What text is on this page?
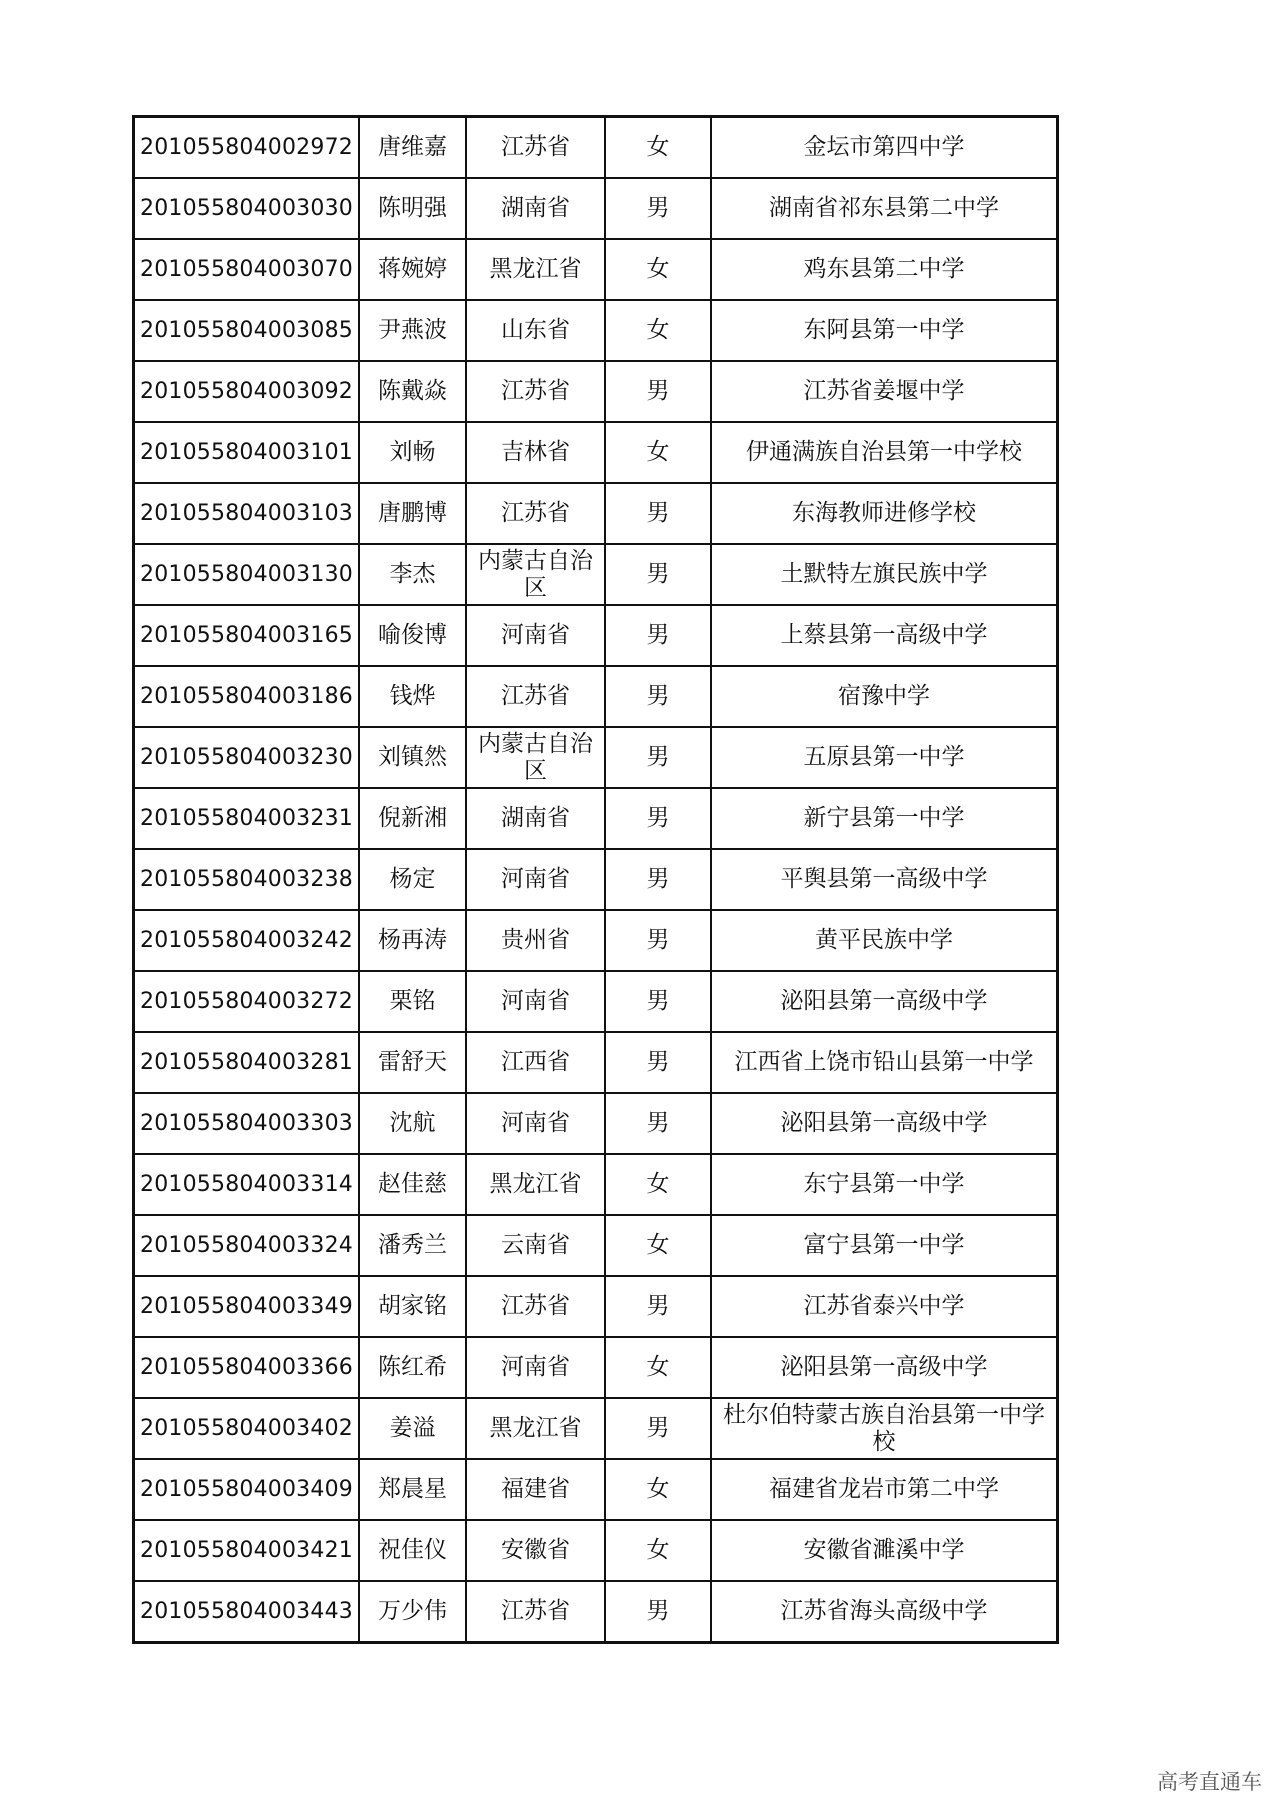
201055804002972	唐维嘉	江苏省	女	金坛市第四中学
201055804003030	陈明强	湖南省	男	湖南省祁东县第二中学
201055804003070	蒋婉婷	黑龙江省	女	鸡东县第二中学
201055804003085	尹燕波	山东省	女	东阿县第一中学
201055804003092	陈戴焱	江苏省	男	江苏省姜堰中学
201055804003101	刘畅	吉林省	女	伊通满族自治县第一中学校
201055804003103	唐鹏博	江苏省	男	东海教师进修学校
201055804003130	李杰	内蒙古自治区	男	土默特左旗民族中学
201055804003165	喻俊博	河南省	男	上蔡县第一高级中学
201055804003186	钱烨	江苏省	男	宿豫中学
201055804003230	刘镇然	内蒙古自治区	男	五原县第一中学
201055804003231	倪新湘	湖南省	男	新宁县第一中学
201055804003238	杨定	河南省	男	平舆县第一高级中学
201055804003242	杨再涛	贵州省	男	黄平民族中学
201055804003272	栗铭	河南省	男	泌阳县第一高级中学
201055804003281	雷舒天	江西省	男	江西省上饶市铅山县第一中学
201055804003303	沈航	河南省	男	泌阳县第一高级中学
201055804003314	赵佳慈	黑龙江省	女	东宁县第一中学
201055804003324	潘秀兰	云南省	女	富宁县第一中学
201055804003349	胡家铭	江苏省	男	江苏省泰兴中学
201055804003366	陈红希	河南省	女	泌阳县第一高级中学
201055804003402	姜溢	黑龙江省	男	杜尔伯特蒙古族自治县第一中学校
201055804003409	郑晨星	福建省	女	福建省龙岩市第二中学
201055804003421	祝佳仪	安徽省	女	安徽省濉溪中学
201055804003443	万少伟	江苏省	男	江苏省海头高级中学
高考直通车
